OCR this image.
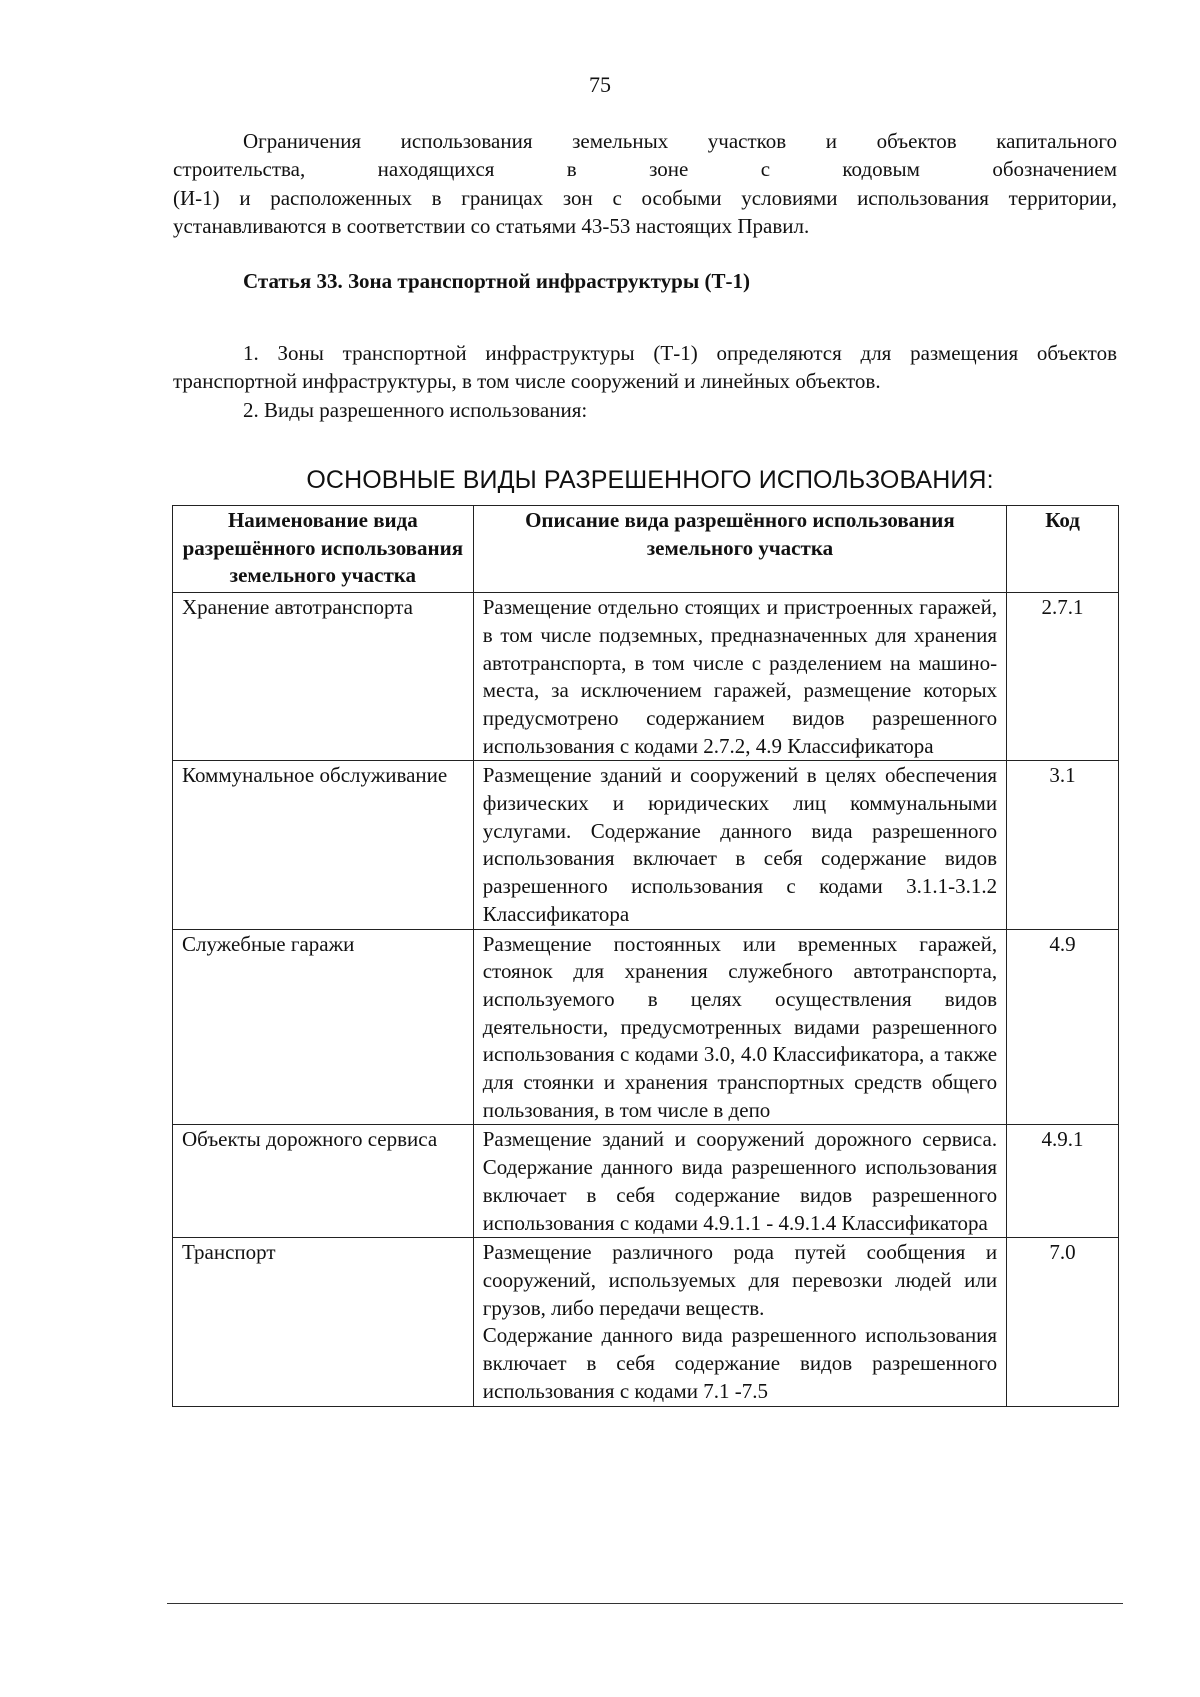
75

Ограничения использования земельных участков и объектов капитального

строительства, находящихся в зоне с кодовым обозначением
(И-1) и расположенных в границах зон с особыми условиями использования территории, устанавливаются в соответствии со статьями 43-53 настоящих Правил.

Статья 33. Зона транспортной инфраструктуры (Т-1)

1. Зоны транспортной инфраструктуры (Т-1) определяются для размещения объектов транспортной инфраструктуры, в том числе сооружений и линейных объектов.

2. Виды разрешенного использования:

ОСНОВНЫЕ ВИДЫ РАЗРЕШЕННОГО ИСПОЛЬЗОВАНИЯ:
Наименование вида разрешённого использования земельного участка	Описание вида разрешённого использования земельного участка	Код
Хранение автотранспорта	Размещение отдельно стоящих и пристроенных гаражей, в том числе подземных, предназначенных для хранения автотранспорта, в том числе с разделением на машино-места, за исключением гаражей, размещение которых предусмотрено содержанием видов разрешенного использования с кодами 2.7.2, 4.9 Классификатора	2.7.1
Коммунальное обслуживание	Размещение зданий и сооружений в целях обеспечения физических и юридических лиц коммунальными услугами. Содержание данного вида разрешенного использования включает в себя содержание видов разрешенного использования с кодами 3.1.1-3.1.2 Классификатора	3.1
Служебные гаражи	Размещение постоянных или временных гаражей, стоянок для хранения служебного автотранспорта, используемого в целях осуществления видов деятельности, предусмотренных видами разрешенного использования с кодами 3.0, 4.0 Классификатора, а также для стоянки и хранения транспортных средств общего пользования, в том числе в депо	4.9
Объекты дорожного сервиса	Размещение зданий и сооружений дорожного сервиса. Содержание данного вида разрешенного использования включает в себя содержание видов разрешенного использования с кодами 4.9.1.1 - 4.9.1.4 Классификатора	4.9.1
Транспорт	Размещение различного рода путей сообщения и сооружений, используемых для перевозки людей или грузов, либо передачи веществ.
Содержание данного вида разрешенного использования включает в себя содержание видов разрешенного использования с кодами 7.1 -7.5	7.0
